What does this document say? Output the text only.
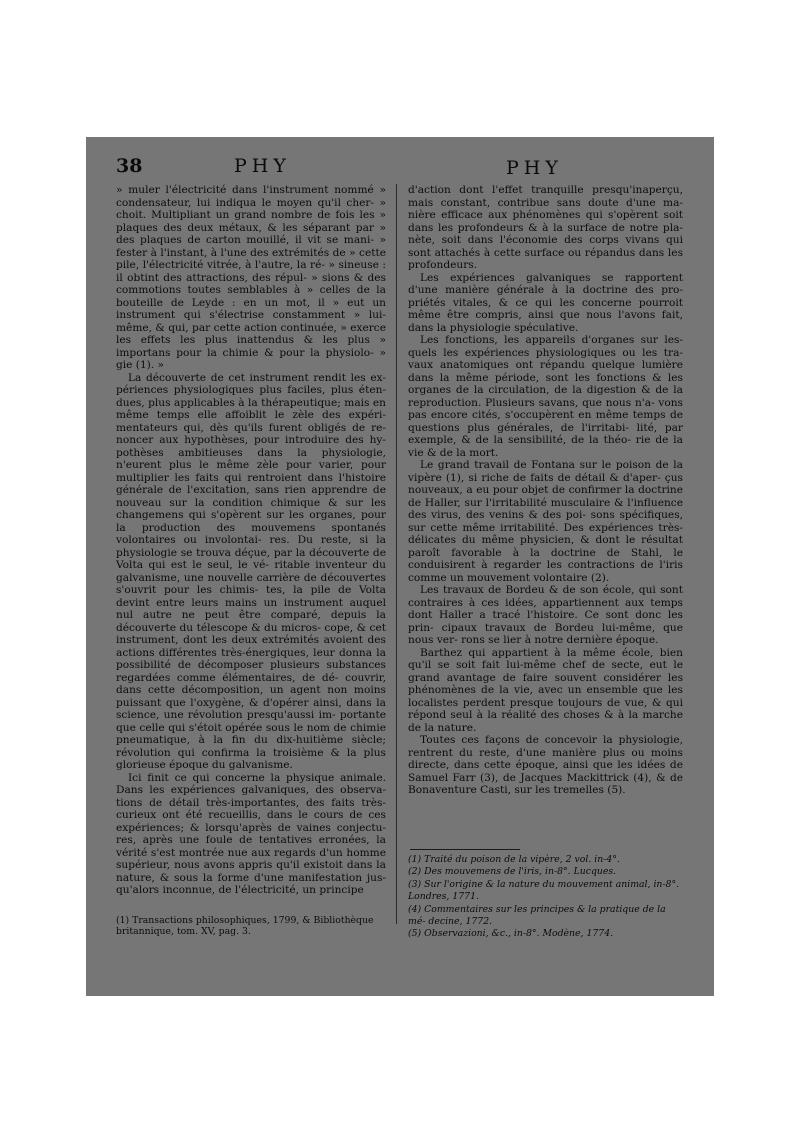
38	PHY	PHY

» muler l'électricité dans l'instrument nommé » condensateur, lui indiqua le moyen qu'il cher- » choit. Multipliant un grand nombre de fois les » plaques des deux métaux, & les séparant par » des plaques de carton mouillé, il vit se mani- » fester à l'instant, à l'une des extrémités de » cette pile, l'électricité vitrée, à l'autre, la ré- » sineuse : il obtint des attractions, des répul- » sions & des commotions toutes semblables à » celles de la bouteille de Leyde : en un mot, il » eut un instrument qui s'électrise constamment » lui-même, & qui, par cette action continuée, » exerce les effets les plus inattendus & les plus » importans pour la chimie & pour la physiolo- » gie (1). »

La découverte de cet instrument rendit les ex- périences physiologiques plus faciles, plus éten- dues, plus applicables à la thérapeutique; mais en même temps elle affoiblit le zèle des expéri- mentateurs qui, dès qu'ils furent obligés de re- noncer aux hypothèses, pour introduire des hy- pothèses ambitieuses dans la physiologie, n'eurent plus le même zèle pour varier, pour multiplier les faits qui rentroient dans l'histoire générale de l'excitation, sans rien apprendre de nouveau sur la condition chimique & sur les changemens qui s'opèrent sur les organes, pour la production des mouvemens spontanés volontaires ou involontai- res. Du reste, si la physiologie se trouva déçue, par la découverte de Volta qui est le seul, le vé- ritable inventeur du galvanisme, une nouvelle carrière de découvertes s'ouvrit pour les chimis- tes, la pile de Volta devint entre leurs mains un instrument auquel nul autre ne peut être comparé, depuis la découverte du télescope & du micros- cope, & cet instrument, dont les deux extrémités avoient des actions différentes très-énergiques, leur donna la possibilité de décomposer plusieurs substances regardées comme élémentaires, de dé- couvrir, dans cette décomposition, un agent non moins puissant que l'oxygène, & d'opérer ainsi, dans la science, une révolution presqu'aussi im- portante que celle qui s'étoit opérée sous le nom de chimie pneumatique, à la fin du dix-huitième siècle; révolution qui confirma la troisième & la plus glorieuse époque du galvanisme.

Ici finit ce qui concerne la physique animale. Dans les expériences galvaniques, des observa- tions de détail très-importantes, des faits très- curieux ont été recueillis, dans le cours de ces expériences; & lorsqu'après de vaines conjectu- res, après une foule de tentatives erronées, la vérité s'est montrée nue aux regards d'un homme supérieur, nous avons appris qu'il existoit dans la nature, & sous la forme d'une manifestation jus- qu'alors inconnue, de l'électricité, un principe

(1) Transactions philosophiques, 1799, & Bibliothèque britannique, tom. XV, pag. 3.

d'action dont l'effet tranquille presqu'inaperçu, mais constant, contribue sans doute d'une ma- nière efficace aux phénomènes qui s'opèrent soit dans les profondeurs & à la surface de notre pla- nète, soit dans l'économie des corps vivans qui sont attachés à cette surface ou répandus dans les profondeurs.

Les expériences galvaniques se rapportent d'une manière générale à la doctrine des pro- priétés vitales, & ce qui les concerne pourroit même être compris, ainsi que nous l'avons fait, dans la physiologie spéculative.

Les fonctions, les appareils d'organes sur les- quels les expériences physiologiques ou les tra- vaux anatomiques ont répandu quelque lumière dans la même période, sont les fonctions & les organes de la circulation, de la digestion & de la reproduction. Plusieurs savans, que nous n'a- vons pas encore cités, s'occupèrent en même temps de questions plus générales, de l'irritabi- lité, par exemple, & de la sensibilité, de la théo- rie de la vie & de la mort.

Le grand travail de Fontana sur le poison de la vipère (1), si riche de faits de détail & d'aper- çus nouveaux, a eu pour objet de confirmer la doctrine de Haller, sur l'irritabilité musculaire & l'influence des virus, des venins & des poi- sons spécifiques, sur cette même irritabilité. Des expériences très-délicates du même physicien, & dont le résultat paroît favorable à la doctrine de Stahl, le conduisirent à regarder les contractions de l'iris comme un mouvement volontaire (2).

Les travaux de Bordeu & de son école, qui sont contraires à ces idées, appartiennent aux temps dont Haller a tracé l'histoire. Ce sont donc les prin- cipaux travaux de Bordeu lui-même, que nous ver- rons se lier à notre dernière époque.

Barthez qui appartient à la même école, bien qu'il se soit fait lui-même chef de secte, eut le grand avantage de faire souvent considérer les phénomènes de la vie, avec un ensemble que les localistes perdent presque toujours de vue, & qui répond seul à la réalité des choses & à la marche de la nature.

Toutes ces façons de concevoir la physiologie, rentrent du reste, d'une manière plus ou moins directe, dans cette époque, ainsi que les idées de Samuel Farr (3), de Jacques Mackittrick (4), & de Bonaventure Casti, sur les tremelles (5).

(1) Traité du poison de la vipère, 2 vol. in-4°.

(2) Des mouvemens de l'iris, in-8°. Lucques.

(3) Sur l'origine & la nature du mouvement animal, in-8°. Londres, 1771.

(4) Commentaires sur les principes & la pratique de la mé- decine, 1772.

(5) Observazioni, &c., in-8°. Modène, 1774.
